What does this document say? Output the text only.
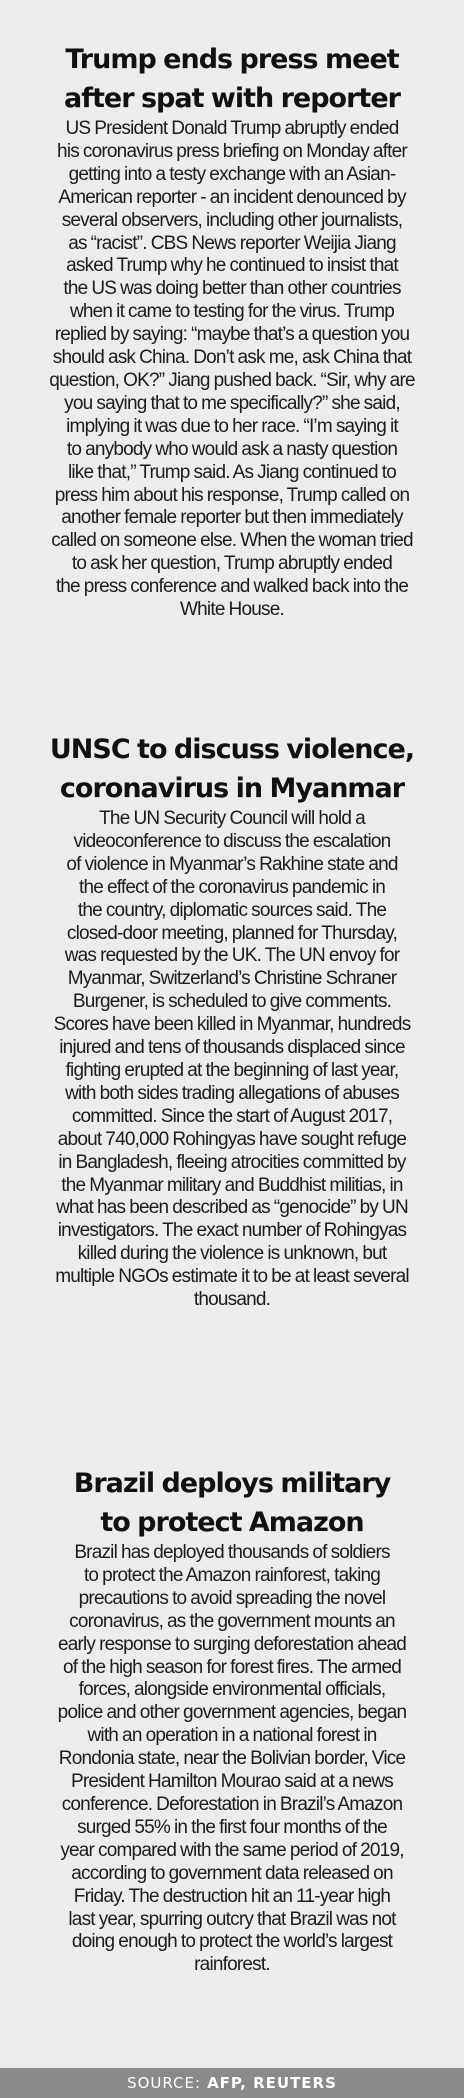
Trump ends press meet
after spat with reporter

US President Donald Trump abruptly ended
his coronavirus press briefing on Monday after
getting into a testy exchange with an Asian-
American reporter - an incident denounced by
several observers, including other journalists,
as “racist”. CBS News reporter Weijia Jiang
asked Trump why he continued to insist that
the US was doing better than other countries
when it came to testing for the virus. Trump
replied by saying: “maybe that’s a question you
should ask China. Don’t ask me, ask China that
question, OK?” Jiang pushed back. “Sir, why are
you saying that to me specifically?” she said,
implying it was due to her race. “I’m saying it
to anybody who would ask a nasty question
like that,” Trump said. As Jiang continued to
press him about his response, Trump called on
another female reporter but then immediately
called on someone else. When the woman tried
to ask her question, Trump abruptly ended
the press conference and walked back into the
White House.

UNSC to discuss violence,
coronavirus in Myanmar

The UN Security Council will hold a
videoconference to discuss the escalation
of violence in Myanmar’s Rakhine state and
the effect of the coronavirus pandemic in
the country, diplomatic sources said. The
closed-door meeting, planned for Thursday,
was requested by the UK. The UN envoy for
Myanmar, Switzerland’s Christine Schraner
Burgener, is scheduled to give comments.
Scores have been killed in Myanmar, hundreds
injured and tens of thousands displaced since
fighting erupted at the beginning of last year,
with both sides trading allegations of abuses
committed. Since the start of August 2017,
about 740,000 Rohingyas have sought refuge
in Bangladesh, fleeing atrocities committed by
the Myanmar military and Buddhist militias, in
what has been described as “genocide” by UN
investigators. The exact number of Rohingyas
killed during the violence is unknown, but
multiple NGOs estimate it to be at least several
thousand.

Brazil deploys military
to protect Amazon

Brazil has deployed thousands of soldiers
to protect the Amazon rainforest, taking
precautions to avoid spreading the novel
coronavirus, as the government mounts an
early response to surging deforestation ahead
of the high season for forest fires. The armed
forces, alongside environmental officials,
police and other government agencies, began
with an operation in a national forest in
Rondonia state, near the Bolivian border, Vice
President Hamilton Mourao said at a news
conference. Deforestation in Brazil’s Amazon
surged 55% in the first four months of the
year compared with the same period of 2019,
according to government data released on
Friday. The destruction hit an 11-year high
last year, spurring outcry that Brazil was not
doing enough to protect the world’s largest
rainforest.

SOURCE: AFP, REUTERS
